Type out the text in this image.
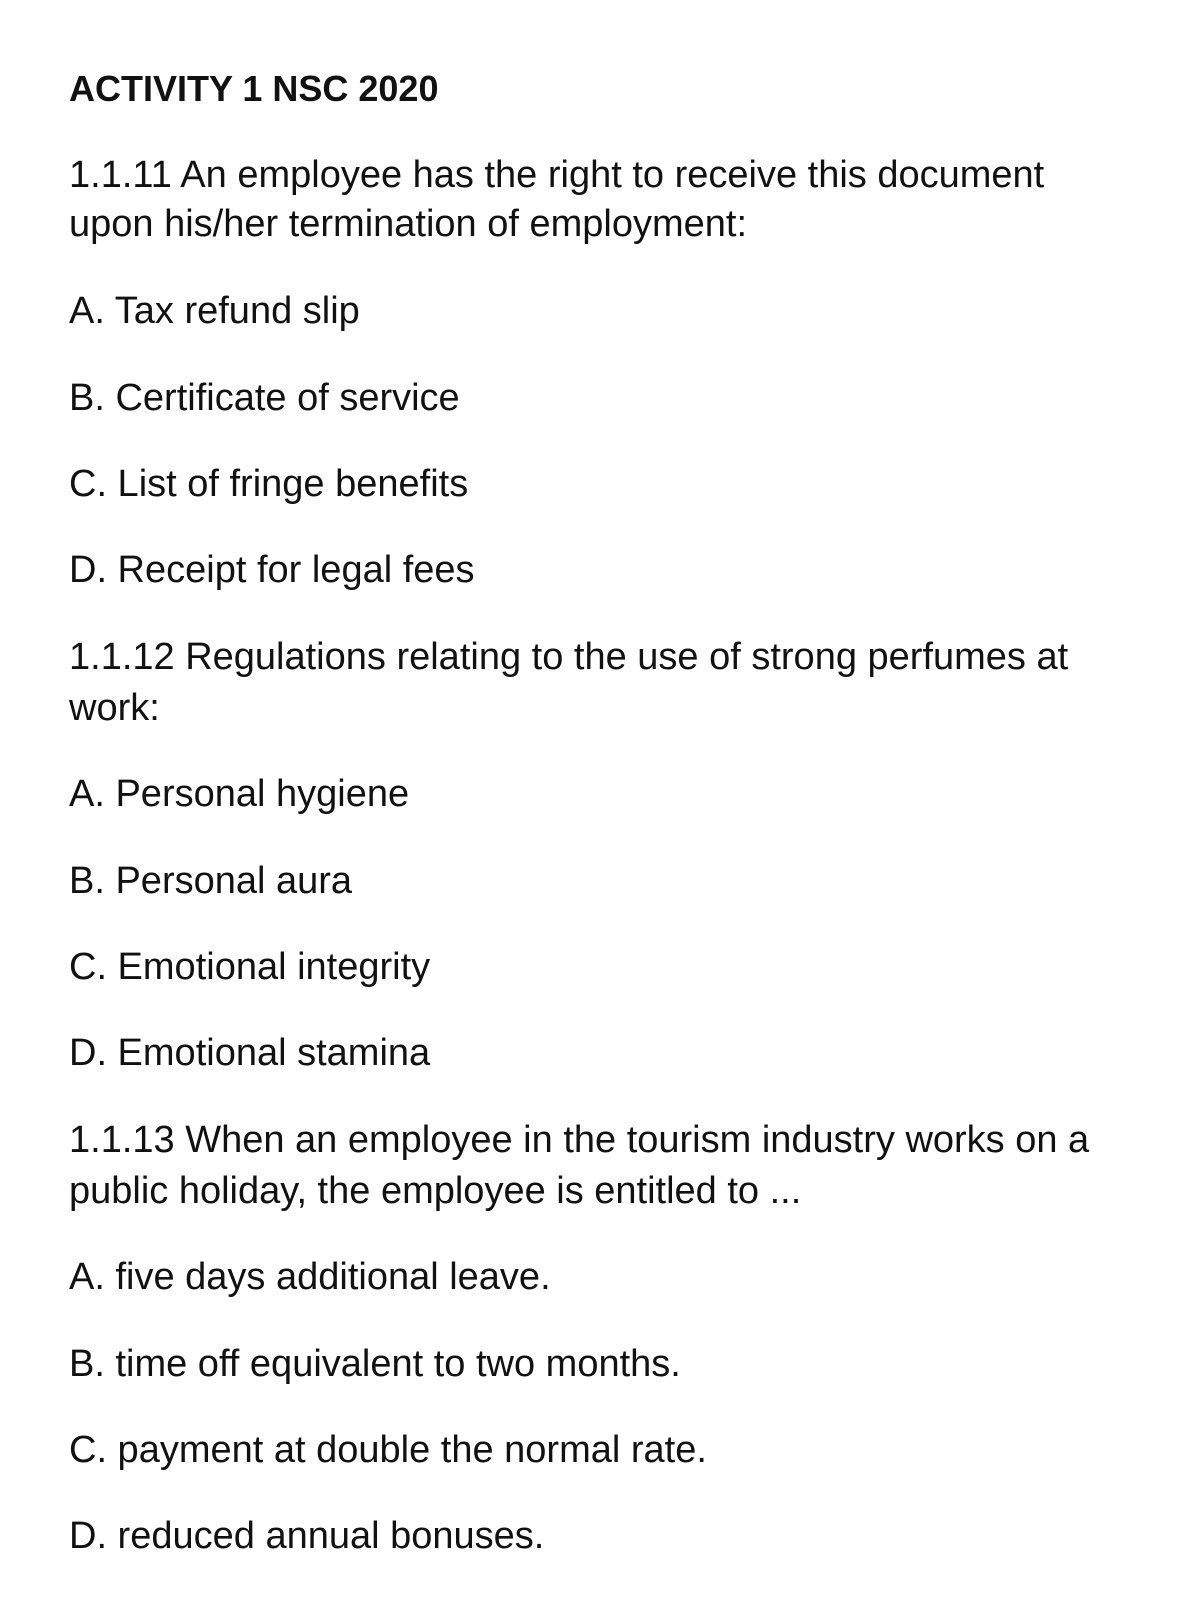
ACTIVITY 1 NSC 2020

1.1.11 An employee has the right to receive this document

upon his/her termination of employment:

A. Tax refund slip

B. Certificate of service

C. List of fringe benefits

D. Receipt for legal fees

1.1.12 Regulations relating to the use of strong perfumes at

work:

A. Personal hygiene

B. Personal aura

C. Emotional integrity

D. Emotional stamina

1.1.13 When an employee in the tourism industry works on a

public holiday, the employee is entitled to ...

A. five days additional leave.

B. time off equivalent to two months.

C. payment at double the normal rate.

D. reduced annual bonuses.
